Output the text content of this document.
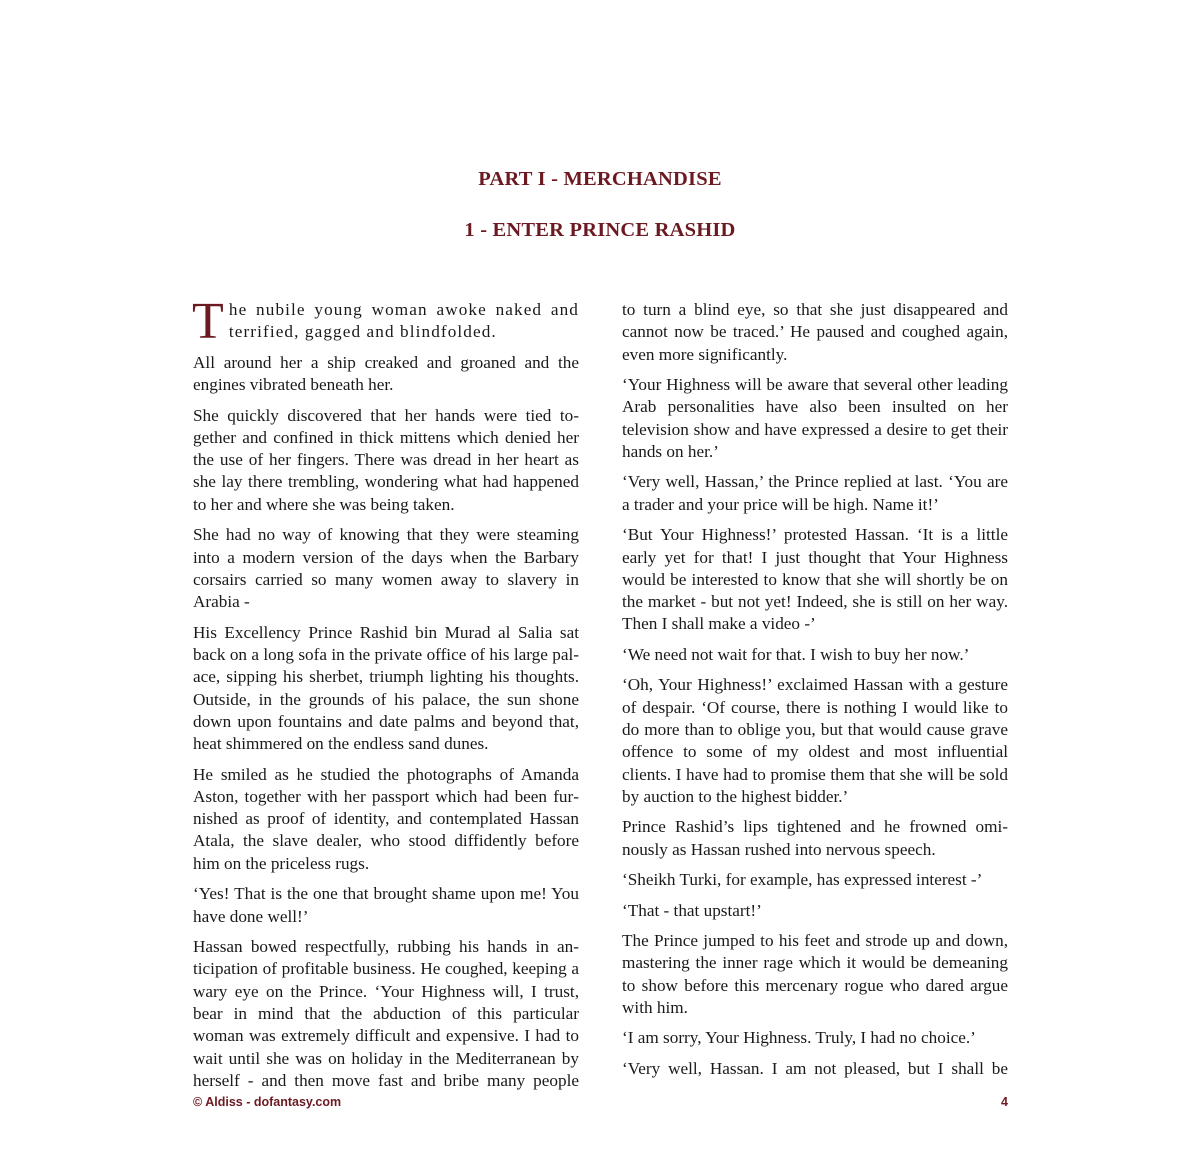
PART I - MERCHANDISE
1 - ENTER PRINCE RASHID

The nubile young woman awoke naked and terrified, gagged and blindfolded.

All around her a ship creaked and groaned and the engines vibrated beneath her.

She quickly discovered that her hands were tied together and confined in thick mittens which denied her the use of her fingers. There was dread in her heart as she lay there trembling, wondering what had happened to her and where she was being taken.

She had no way of knowing that they were steaming into a modern version of the days when the Barbary corsairs carried so many women away to slavery in Arabia -

His Excellency Prince Rashid bin Murad al Salia sat back on a long sofa in the private office of his large palace, sipping his sherbet, triumph lighting his thoughts. Outside, in the grounds of his palace, the sun shone down upon fountains and date palms and beyond that, heat shimmered on the endless sand dunes.

He smiled as he studied the photographs of Amanda Aston, together with her passport which had been furnished as proof of identity, and contemplated Hassan Atala, the slave dealer, who stood diffidently before him on the priceless rugs.

‘Yes! That is the one that brought shame upon me! You have done well!’

Hassan bowed respectfully, rubbing his hands in anticipation of profitable business. He coughed, keeping a wary eye on the Prince. ‘Your Highness will, I trust, bear in mind that the abduction of this particular woman was extremely difficult and expensive. I had to wait until she was on holiday in the Mediterranean by herself - and then move fast and bribe many people

to turn a blind eye, so that she just disappeared and cannot now be traced.’ He paused and coughed again, even more significantly.

‘Your Highness will be aware that several other leading Arab personalities have also been insulted on her television show and have expressed a desire to get their hands on her.’

‘Very well, Hassan,’ the Prince replied at last. ‘You are a trader and your price will be high. Name it!’

‘But Your Highness!’ protested Hassan. ‘It is a little early yet for that! I just thought that Your Highness would be interested to know that she will shortly be on the market - but not yet! Indeed, she is still on her way. Then I shall make a video -’

‘We need not wait for that. I wish to buy her now.’

‘Oh, Your Highness!’ exclaimed Hassan with a gesture of despair. ‘Of course, there is nothing I would like to do more than to oblige you, but that would cause grave offence to some of my oldest and most influential clients. I have had to promise them that she will be sold by auction to the highest bidder.’

Prince Rashid’s lips tightened and he frowned ominously as Hassan rushed into nervous speech.

‘Sheikh Turki, for example, has expressed interest -’

‘That - that upstart!’

The Prince jumped to his feet and strode up and down, mastering the inner rage which it would be demeaning to show before this mercenary rogue who dared argue with him.

‘I am sorry, Your Highness. Truly, I had no choice.’

‘Very well, Hassan. I am not pleased, but I shall be

© Aldiss - dofantasy.com	4
